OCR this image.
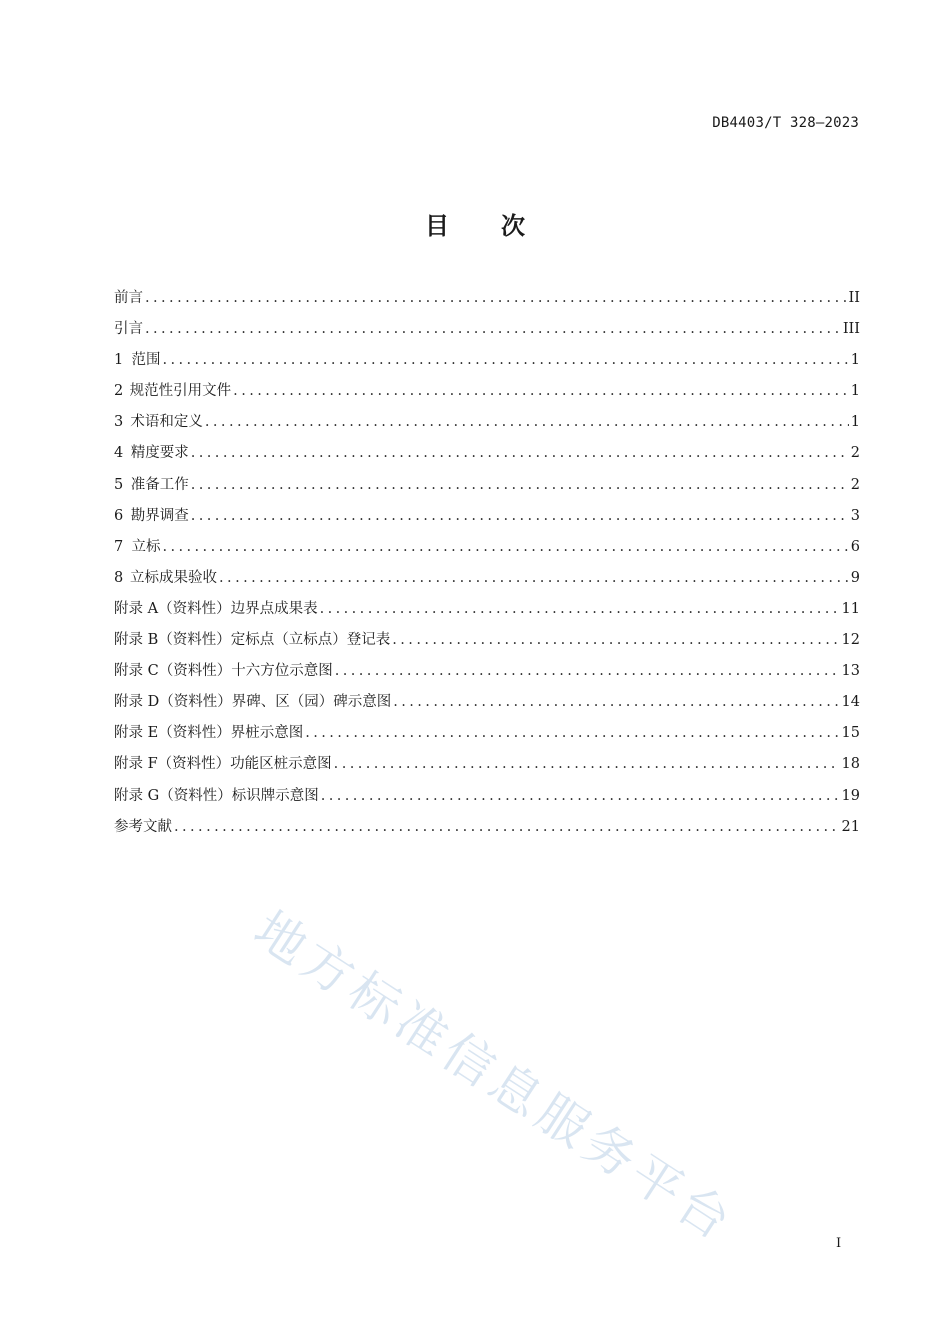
DB4403/T 328—2023
目 次
前言 . . .	II
引言 . . .	III
1 范围 . . .	1
2 规范性引用文件 . . .	1
3 术语和定义 . . .	1
4 精度要求 . . .	2
5 准备工作 . . .	2
6 勘界调查 . . .	3
7 立标 . . .	6
8 立标成果验收 . . .	9
附录 A（资料性） 边界点成果表 . . .	11
附录 B（资料性） 定标点（立标点）登记表 . . .	12
附录 C（资料性） 十六方位示意图 . . .	13
附录 D（资料性） 界碑、区（园）碑示意图 . . .	14
附录 E（资料性） 界桩示意图 . . .	15
附录 F（资料性） 功能区桩示意图 . . .	18
附录 G（资料性） 标识牌示意图 . . .	19
参考文献 . . .	21
地方标准信息服务平台	I
